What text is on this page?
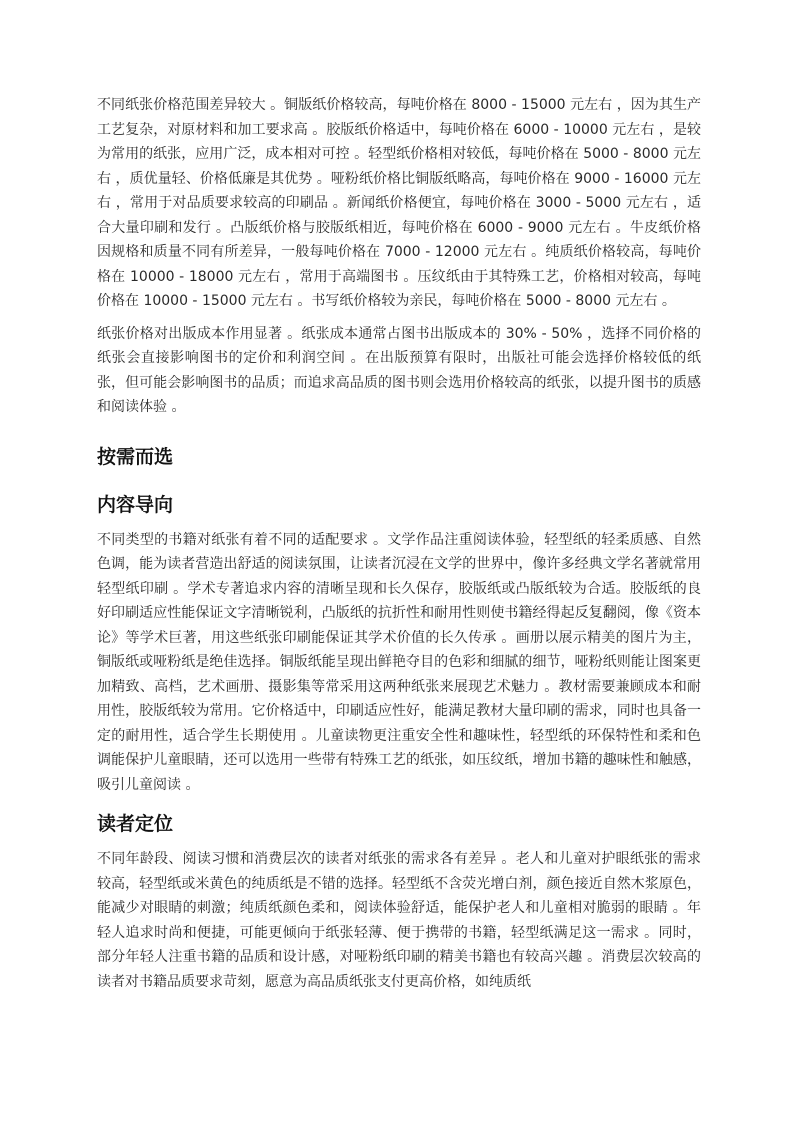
不同纸张价格范围差异较大 。铜版纸价格较高，每吨价格在 8000 - 15000 元左右 ，因为其生产工艺复杂，对原材料和加工要求高 。胶版纸价格适中，每吨价格在 6000 - 10000 元左右 ，是较为常用的纸张，应用广泛，成本相对可控 。轻型纸价格相对较低，每吨价格在 5000 - 8000 元左右 ，质优量轻、价格低廉是其优势 。哑粉纸价格比铜版纸略高，每吨价格在 9000 - 16000 元左右 ，常用于对品质要求较高的印刷品 。新闻纸价格便宜，每吨价格在 3000 - 5000 元左右 ，适合大量印刷和发行 。凸版纸价格与胶版纸相近，每吨价格在 6000 - 9000 元左右 。牛皮纸价格因规格和质量不同有所差异，一般每吨价格在 7000 - 12000 元左右 。纯质纸价格较高，每吨价格在 10000 - 18000 元左右 ，常用于高端图书 。压纹纸由于其特殊工艺，价格相对较高，每吨价格在 10000 - 15000 元左右 。书写纸价格较为亲民，每吨价格在 5000 - 8000 元左右 。

纸张价格对出版成本作用显著 。纸张成本通常占图书出版成本的 30% - 50% ，选择不同价格的纸张会直接影响图书的定价和利润空间 。在出版预算有限时，出版社可能会选择价格较低的纸张，但可能会影响图书的品质；而追求高品质的图书则会选用价格较高的纸张，以提升图书的质感和阅读体验 。

按需而选
内容导向

不同类型的书籍对纸张有着不同的适配要求 。文学作品注重阅读体验，轻型纸的轻柔质感、自然色调，能为读者营造出舒适的阅读氛围，让读者沉浸在文学的世界中，像许多经典文学名著就常用轻型纸印刷 。学术专著追求内容的清晰呈现和长久保存，胶版纸或凸版纸较为合适。胶版纸的良好印刷适应性能保证文字清晰锐利，凸版纸的抗折性和耐用性则使书籍经得起反复翻阅，像《资本论》等学术巨著，用这些纸张印刷能保证其学术价值的长久传承 。画册以展示精美的图片为主，铜版纸或哑粉纸是绝佳选择。铜版纸能呈现出鲜艳夺目的色彩和细腻的细节，哑粉纸则能让图案更加精致、高档，艺术画册、摄影集等常采用这两种纸张来展现艺术魅力 。教材需要兼顾成本和耐用性，胶版纸较为常用。它价格适中，印刷适应性好，能满足教材大量印刷的需求，同时也具备一定的耐用性，适合学生长期使用 。儿童读物更注重安全性和趣味性，轻型纸的环保特性和柔和色调能保护儿童眼睛，还可以选用一些带有特殊工艺的纸张，如压纹纸，增加书籍的趣味性和触感，吸引儿童阅读 。

读者定位

不同年龄段、阅读习惯和消费层次的读者对纸张的需求各有差异 。老人和儿童对护眼纸张的需求较高，轻型纸或米黄色的纯质纸是不错的选择。轻型纸不含荧光增白剂，颜色接近自然木浆原色，能减少对眼睛的刺激；纯质纸颜色柔和，阅读体验舒适，能保护老人和儿童相对脆弱的眼睛 。年轻人追求时尚和便捷，可能更倾向于纸张轻薄、便于携带的书籍，轻型纸满足这一需求 。同时，部分年轻人注重书籍的品质和设计感，对哑粉纸印刷的精美书籍也有较高兴趣 。消费层次较高的读者对书籍品质要求苛刻，愿意为高品质纸张支付更高价格，如纯质纸
